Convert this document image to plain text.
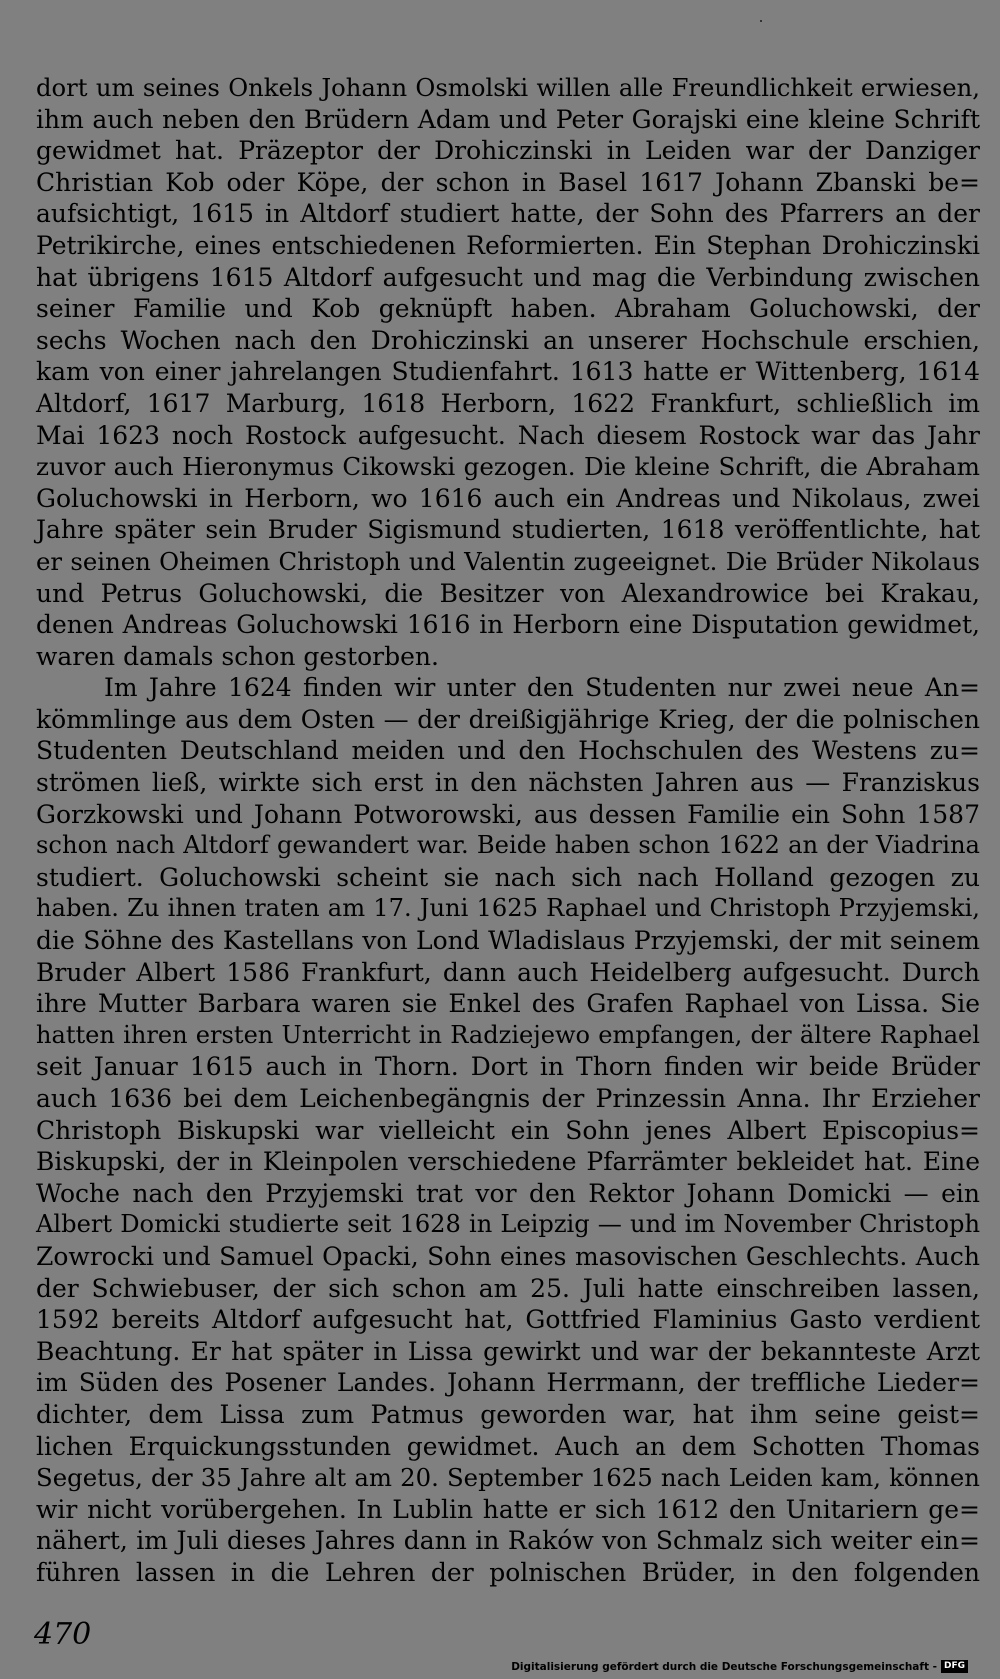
dort um seines Onkels Johann Osmolski willen alle Freundlichkeit erwiesen,
ihm auch neben den Brüdern Adam und Peter Gorajski eine kleine Schrift
gewidmet hat. Präzeptor der Drohiczinski in Leiden war der Danziger
Christian Kob oder Köpe, der schon in Basel 1617 Johann Zbanski be=
aufsichtigt, 1615 in Altdorf studiert hatte, der Sohn des Pfarrers an der
Petrikirche, eines entschiedenen Reformierten. Ein Stephan Drohiczinski
hat übrigens 1615 Altdorf aufgesucht und mag die Verbindung zwischen
seiner Familie und Kob geknüpft haben. Abraham Goluchowski, der
sechs Wochen nach den Drohiczinski an unserer Hochschule erschien,
kam von einer jahrelangen Studienfahrt. 1613 hatte er Wittenberg, 1614
Altdorf, 1617 Marburg, 1618 Herborn, 1622 Frankfurt, schließlich im
Mai 1623 noch Rostock aufgesucht. Nach diesem Rostock war das Jahr
zuvor auch Hieronymus Cikowski gezogen. Die kleine Schrift, die Abraham
Goluchowski in Herborn, wo 1616 auch ein Andreas und Nikolaus, zwei
Jahre später sein Bruder Sigismund studierten, 1618 veröffentlichte, hat
er seinen Oheimen Christoph und Valentin zugeeignet. Die Brüder Nikolaus
und Petrus Goluchowski, die Besitzer von Alexandrowice bei Krakau,
denen Andreas Goluchowski 1616 in Herborn eine Disputation gewidmet,
waren damals schon gestorben.
Im Jahre 1624 finden wir unter den Studenten nur zwei neue An=
kömmlinge aus dem Osten — der dreißigjährige Krieg, der die polnischen
Studenten Deutschland meiden und den Hochschulen des Westens zu=
strömen ließ, wirkte sich erst in den nächsten Jahren aus — Franziskus
Gorzkowski und Johann Potworowski, aus dessen Familie ein Sohn 1587
schon nach Altdorf gewandert war. Beide haben schon 1622 an der Viadrina
studiert. Goluchowski scheint sie nach sich nach Holland gezogen zu
haben. Zu ihnen traten am 17. Juni 1625 Raphael und Christoph Przyjemski,
die Söhne des Kastellans von Lond Wladislaus Przyjemski, der mit seinem
Bruder Albert 1586 Frankfurt, dann auch Heidelberg aufgesucht. Durch
ihre Mutter Barbara waren sie Enkel des Grafen Raphael von Lissa. Sie
hatten ihren ersten Unterricht in Radziejewo empfangen, der ältere Raphael
seit Januar 1615 auch in Thorn. Dort in Thorn finden wir beide Brüder
auch 1636 bei dem Leichenbegängnis der Prinzessin Anna. Ihr Erzieher
Christoph Biskupski war vielleicht ein Sohn jenes Albert Episcopius=
Biskupski, der in Kleinpolen verschiedene Pfarrämter bekleidet hat. Eine
Woche nach den Przyjemski trat vor den Rektor Johann Domicki — ein
Albert Domicki studierte seit 1628 in Leipzig — und im November Christoph
Zowrocki und Samuel Opacki, Sohn eines masovischen Geschlechts. Auch
der Schwiebuser, der sich schon am 25. Juli hatte einschreiben lassen,
1592 bereits Altdorf aufgesucht hat, Gottfried Flaminius Gasto verdient
Beachtung. Er hat später in Lissa gewirkt und war der bekannteste Arzt
im Süden des Posener Landes. Johann Herrmann, der treffliche Lieder=
dichter, dem Lissa zum Patmus geworden war, hat ihm seine geist=
lichen Erquickungsstunden gewidmet. Auch an dem Schotten Thomas
Segetus, der 35 Jahre alt am 20. September 1625 nach Leiden kam, können
wir nicht vorübergehen. In Lublin hatte er sich 1612 den Unitariern ge=
nähert, im Juli dieses Jahres dann in Raków von Schmalz sich weiter ein=
führen lassen in die Lehren der polnischen Brüder, in den folgenden
470
Digitalisierung gefördert durch die Deutsche Forschungsgemeinschaft - DFG
